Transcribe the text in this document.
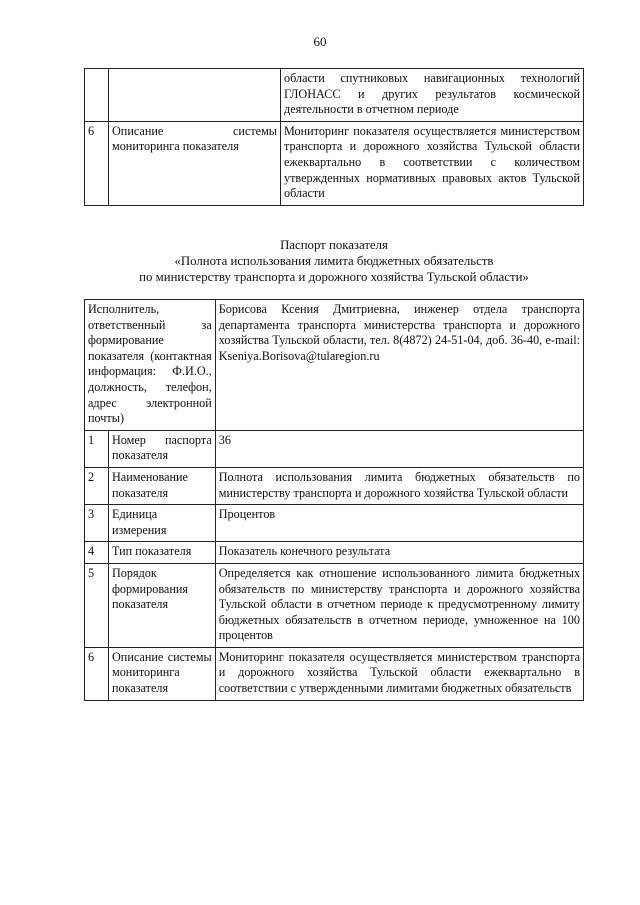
60
		области спутниковых навигационных технологий ГЛОНАСС и других результатов космической деятельности в отчетном периоде
6	Описание системы мониторинга показателя	Мониторинг показателя осуществляется министерством транспорта и дорожного хозяйства Тульской области ежеквартально в соответствии с количеством утвержденных нормативных правовых актов Тульской области
Паспорт показателя
«Полнота использования лимита бюджетных обязательств
по министерству транспорта и дорожного хозяйства Тульской области»
Исполнитель, ответственный за формирование показателя (контактная информация: Ф.И.О., должность, телефон, адрес электронной почты)		Борисова Ксения Дмитриевна, инженер отдела транспорта департамента транспорта министерства транспорта и дорожного хозяйства Тульской области, тел. 8(4872) 24-51-04, доб. 36-40, e-mail: Kseniya.Borisova@tularegion.ru
1	Номер паспорта показателя	36
2	Наименование показателя	Полнота использования лимита бюджетных обязательств по министерству транспорта и дорожного хозяйства Тульской области
3	Единица измерения	Процентов
4	Тип показателя	Показатель конечного результата
5	Порядок формирования показателя	Определяется как отношение использованного лимита бюджетных обязательств по министерству транспорта и дорожного хозяйства Тульской области в отчетном периоде к предусмотренному лимиту бюджетных обязательств в отчетном периоде, умноженное на 100 процентов
6	Описание системы мониторинга показателя	Мониторинг показателя осуществляется министерством транспорта и дорожного хозяйства Тульской области ежеквартально в соответствии с утвержденными лимитами бюджетных обязательств
